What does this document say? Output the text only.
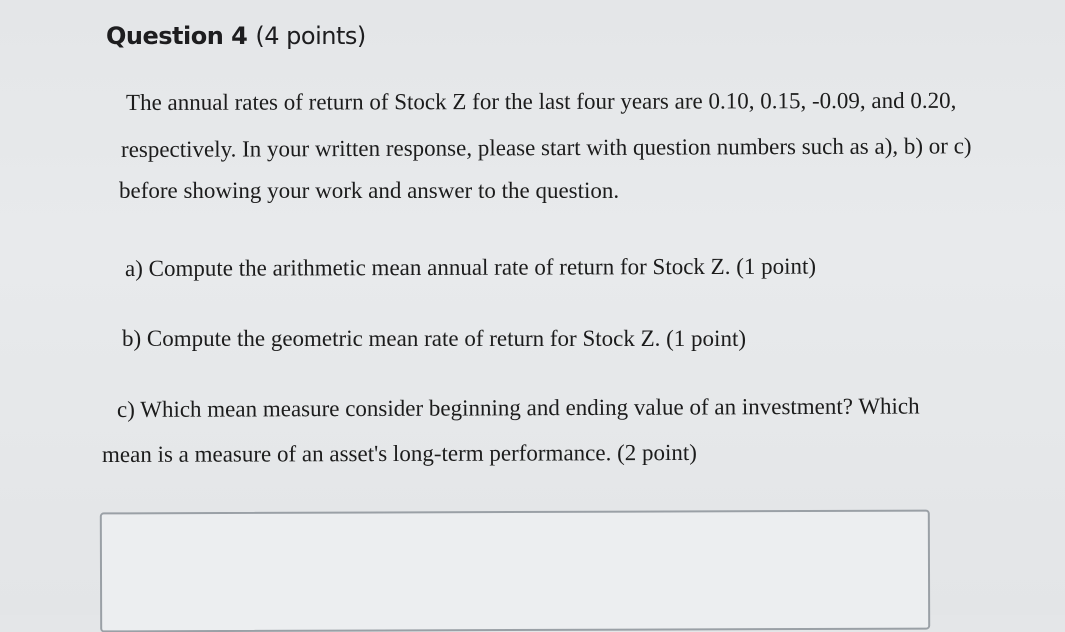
Question 4 (4 points)
The annual rates of return of Stock Z for the last four years are 0.10, 0.15, -0.09, and 0.20,
respectively. In your written response, please start with question numbers such as a), b) or c)
before showing your work and answer to the question.
a) Compute the arithmetic mean annual rate of return for Stock Z. (1 point)
b) Compute the geometric mean rate of return for Stock Z. (1 point)
c) Which mean measure consider beginning and ending value of an investment? Which
mean is a measure of an asset's long-term performance. (2 point)
